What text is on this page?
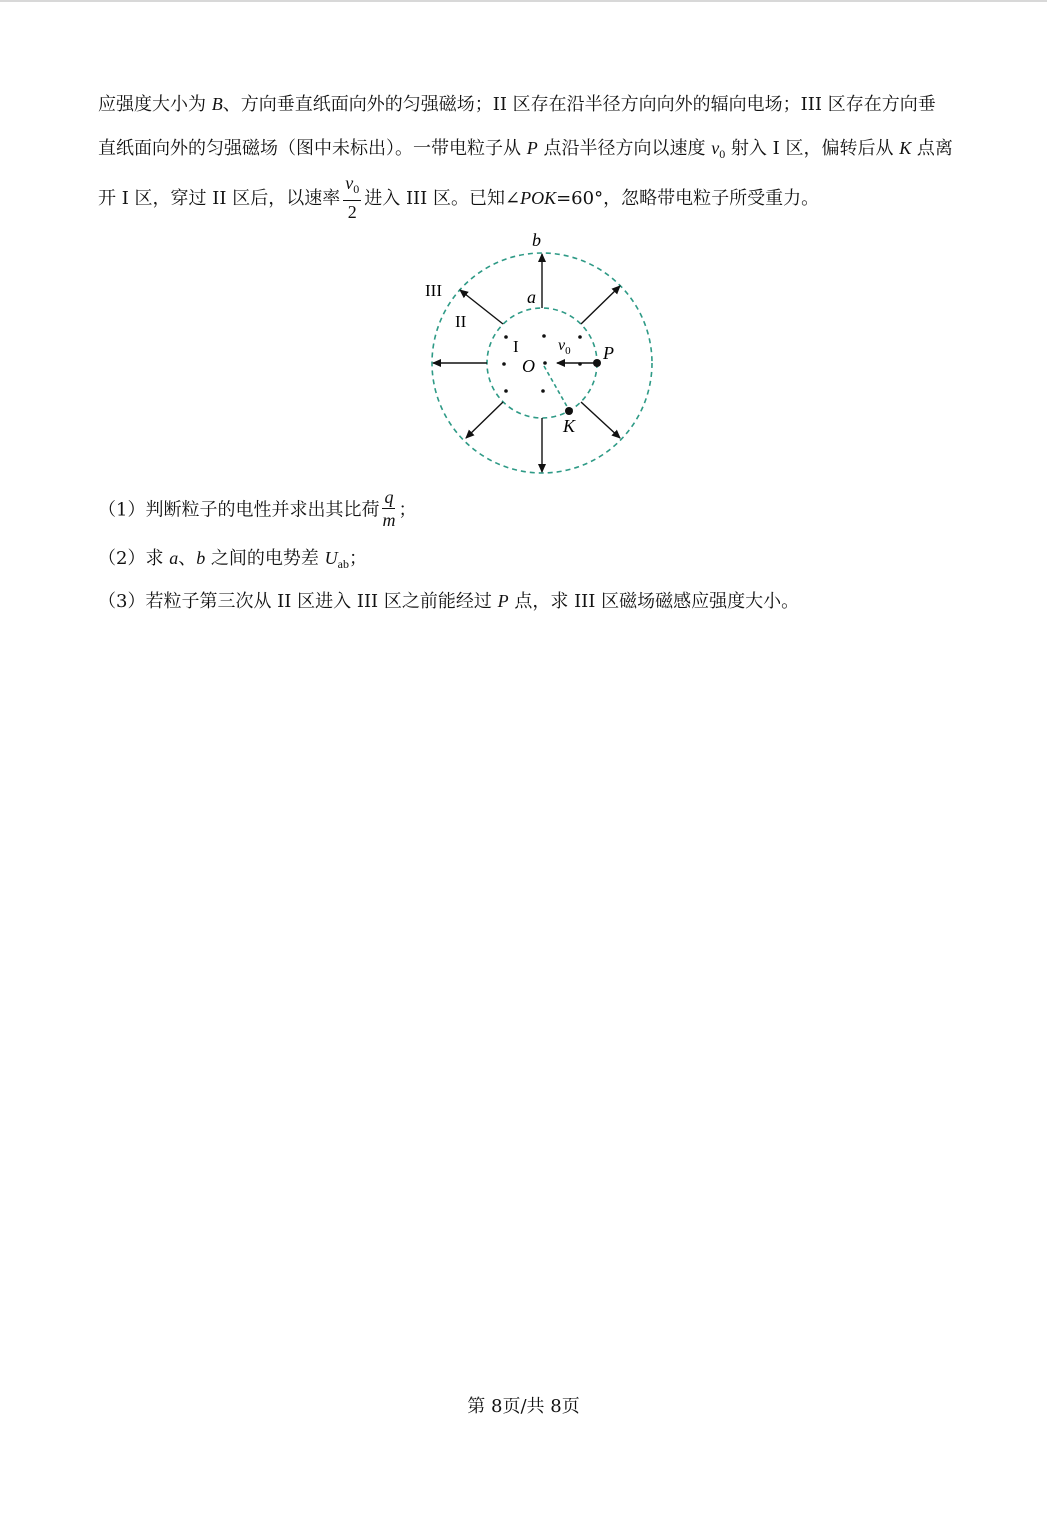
应强度大小为 B、方向垂直纸面向外的匀强磁场；II 区存在沿半径方向向外的辐向电场；III 区存在方向垂
直纸面向外的匀强磁场（图中未标出）。一带电粒子从 P 点沿半径方向以速度 $v_0$ 射入 I 区，偏转后从 K 点离
开 I 区，穿过 II 区后，以速率 $\frac{v_0}{2}$ 进入 III 区。已知∠POK=60°，忽略带电粒子所受重力。
b
a
III
II
I
O
$v_0$ P
K
（1）判断粒子的电性并求出其比荷 $\frac{q}{m}$ ；
（2）求 a、b 之间的电势差 $U_{ab}$；
（3）若粒子第三次从 II 区进入 III 区之前能经过 P 点，求 III 区磁场磁感应强度大小。
第 8页/共 8页
